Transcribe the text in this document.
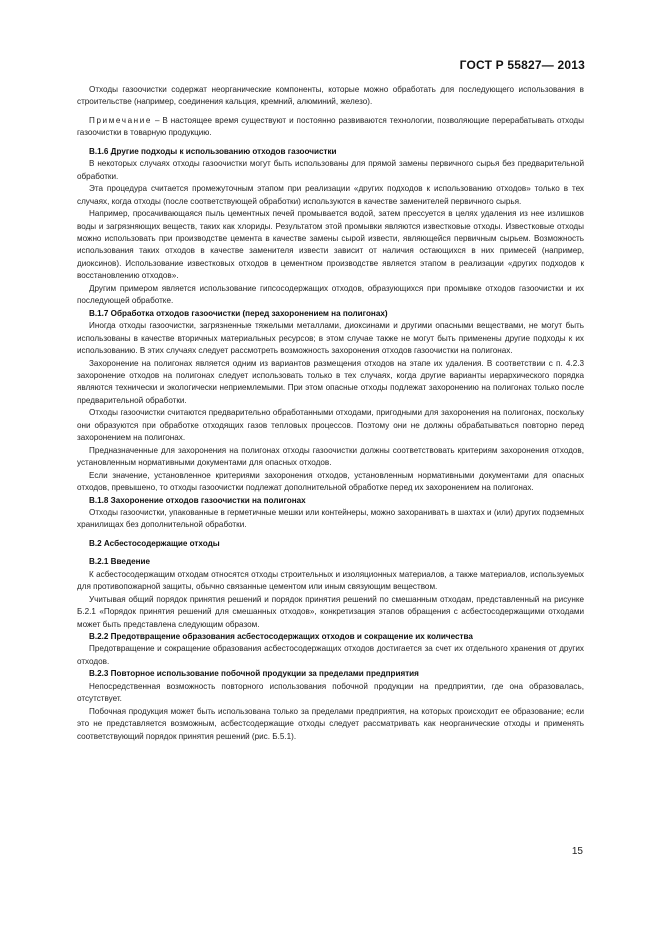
ГОСТ Р 55827— 2013

Отходы газоочистки содержат неорганические компоненты, которые можно обработать для последующего использования в строительстве (например, соединения кальция, кремний, алюминий, железо).

Примечание – В настоящее время существуют и постоянно развиваются технологии, позволяющие перерабатывать отходы газоочистки в товарную продукцию.

В.1.6 Другие подходы к использованию отходов газоочистки

В некоторых случаях отходы газоочистки могут быть использованы для прямой замены первичного сырья без предварительной обработки.

Эта процедура считается промежуточным этапом при реализации «других подходов к использованию отходов» только в тех случаях, когда отходы (после соответствующей обработки) используются в качестве заменителей первичного сырья.

Например, просачивающаяся пыль цементных печей промывается водой, затем прессуется в целях удаления из нее излишков воды и загрязняющих веществ, таких как хлориды. Результатом этой промывки являются известковые отходы. Известковые отходы можно использовать при производстве цемента в качестве замены сырой извести, являющейся первичным сырьем. Возможность использования таких отходов в качестве заменителя извести зависит от наличия остающихся в них примесей (например, диоксинов). Использование известковых отходов в цементном производстве является этапом в реализации «других подходов к восстановлению отходов».

Другим примером является использование гипсосодержащих отходов, образующихся при промывке отходов газоочистки и их последующей обработке.

В.1.7 Обработка отходов газоочистки (перед захоронением на полигонах)

Иногда отходы газоочистки, загрязненные тяжелыми металлами, диоксинами и другими опасными веществами, не могут быть использованы в качестве вторичных материальных ресурсов; в этом случае также не могут быть применены другие подходы к их использованию. В этих случаях следует рассмотреть возможность захоронения отходов газоочистки на полигонах.

Захоронение на полигонах является одним из вариантов размещения отходов на этапе их удаления. В соответствии с п. 4.2.3 захоронение отходов на полигонах следует использовать только в тех случаях, когда другие варианты иерархического порядка являются технически и экологически неприемлемыми. При этом опасные отходы подлежат захоронению на полигонах только после предварительной обработки.

Отходы газоочистки считаются предварительно обработанными отходами, пригодными для захоронения на полигонах, поскольку они образуются при обработке отходящих газов тепловых процессов. Поэтому они не должны обрабатываться повторно перед захоронением на полигонах.

Предназначенные для захоронения на полигонах отходы газоочистки должны соответствовать критериям захоронения отходов, установленным нормативными документами для опасных отходов.

Если значение, установленное критериями захоронения отходов, установленным нормативными документами для опасных отходов, превышено, то отходы газоочистки подлежат дополнительной обработке перед их захоронением на полигонах.

В.1.8 Захоронение отходов газоочистки на полигонах

Отходы газоочистки, упакованные в герметичные мешки или контейнеры, можно захоранивать в шахтах и (или) других подземных хранилищах без дополнительной обработки.

В.2 Асбестосодержащие отходы

В.2.1 Введение

К асбестосодержащим отходам относятся отходы строительных и изоляционных материалов, а также материалов, используемых для противопожарной защиты, обычно связанные цементом или иным связующим веществом.

Учитывая общий порядок принятия решений и порядок принятия решений по смешанным отходам, представленный на рисунке Б.2.1 «Порядок принятия решений для смешанных отходов», конкретизация этапов обращения с асбестосодержащими отходами может быть представлена следующим образом.

В.2.2 Предотвращение образования асбестосодержащих отходов и сокращение их количества

Предотвращение и сокращение образования асбестосодержащих отходов достигается за счет их отдельного хранения от других отходов.

В.2.3 Повторное использование побочной продукции за пределами предприятия

Непосредственная возможность повторного использования побочной продукции на предприятии, где она образовалась, отсутствует.

Побочная продукция может быть использована только за пределами предприятия, на которых происходит ее образование; если это не представляется возможным, асбестсодержащие отходы следует рассматривать как неорганические отходы и применять соответствующий порядок принятия решений (рис. Б.5.1).

15
